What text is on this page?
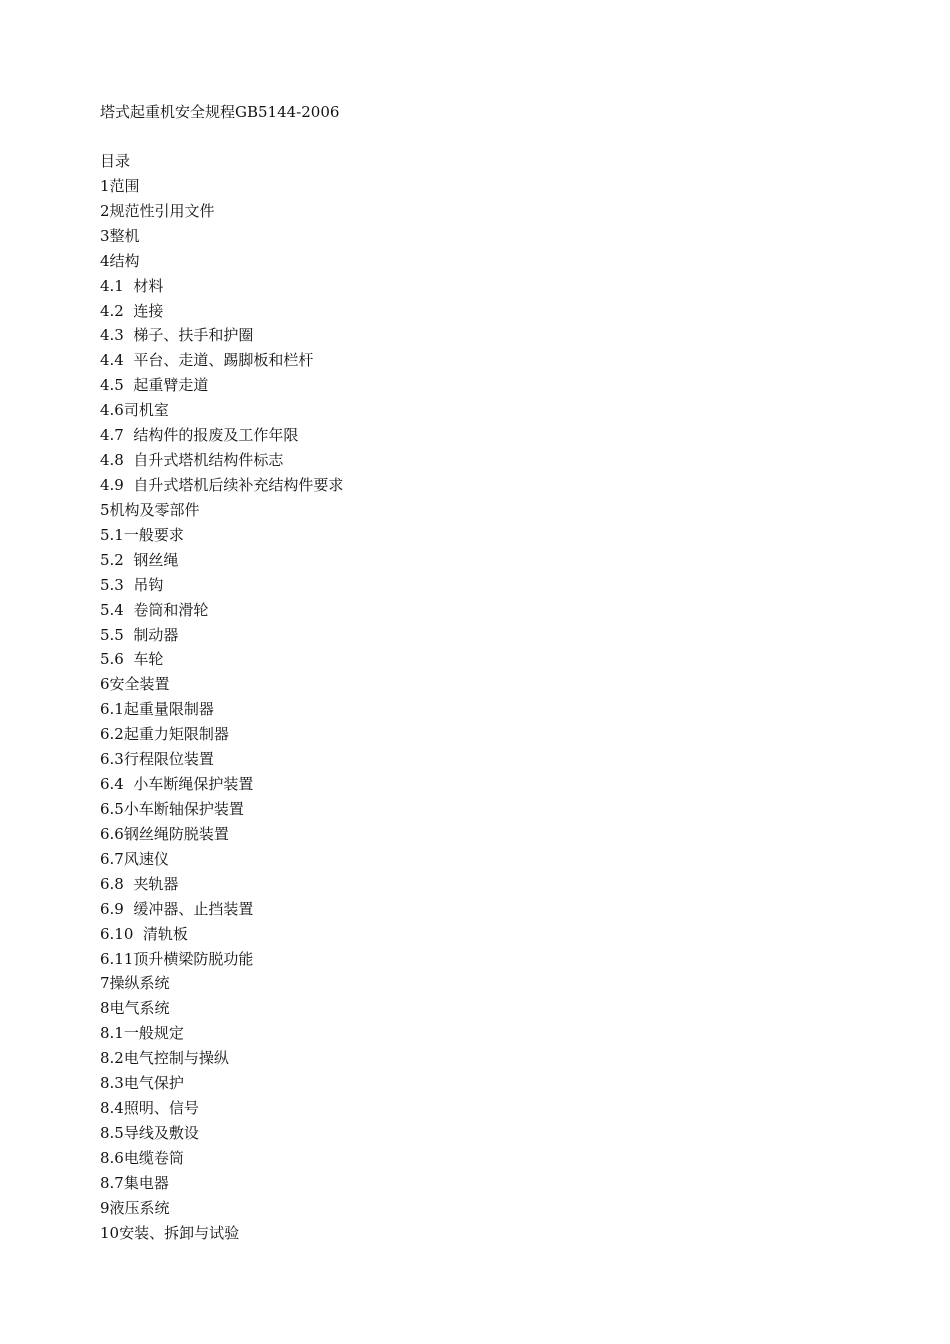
塔式起重机安全规程GB5144-2006
目录
1范围
2规范性引用文件
3整机
4结构
4.1  材料
4.2  连接
4.3  梯子、扶手和护圈
4.4  平台、走道、踢脚板和栏杆
4.5  起重臂走道
4.6司机室
4.7  结构件的报废及工作年限
4.8  自升式塔机结构件标志
4.9  自升式塔机后续补充结构件要求
5机构及零部件
5.1一般要求
5.2  钢丝绳
5.3  吊钩
5.4  卷筒和滑轮
5.5  制动器
5.6  车轮
6安全装置
6.1起重量限制器
6.2起重力矩限制器
6.3行程限位装置
6.4  小车断绳保护装置
6.5小车断轴保护装置
6.6钢丝绳防脱装置
6.7风速仪
6.8  夹轨器
6.9  缓冲器、止挡装置
6.10  清轨板
6.11顶升横梁防脱功能
7操纵系统
8电气系统
8.1一般规定
8.2电气控制与操纵
8.3电气保护
8.4照明、信号
8.5导线及敷设
8.6电缆卷筒
8.7集电器
9液压系统
10安装、拆卸与试验
